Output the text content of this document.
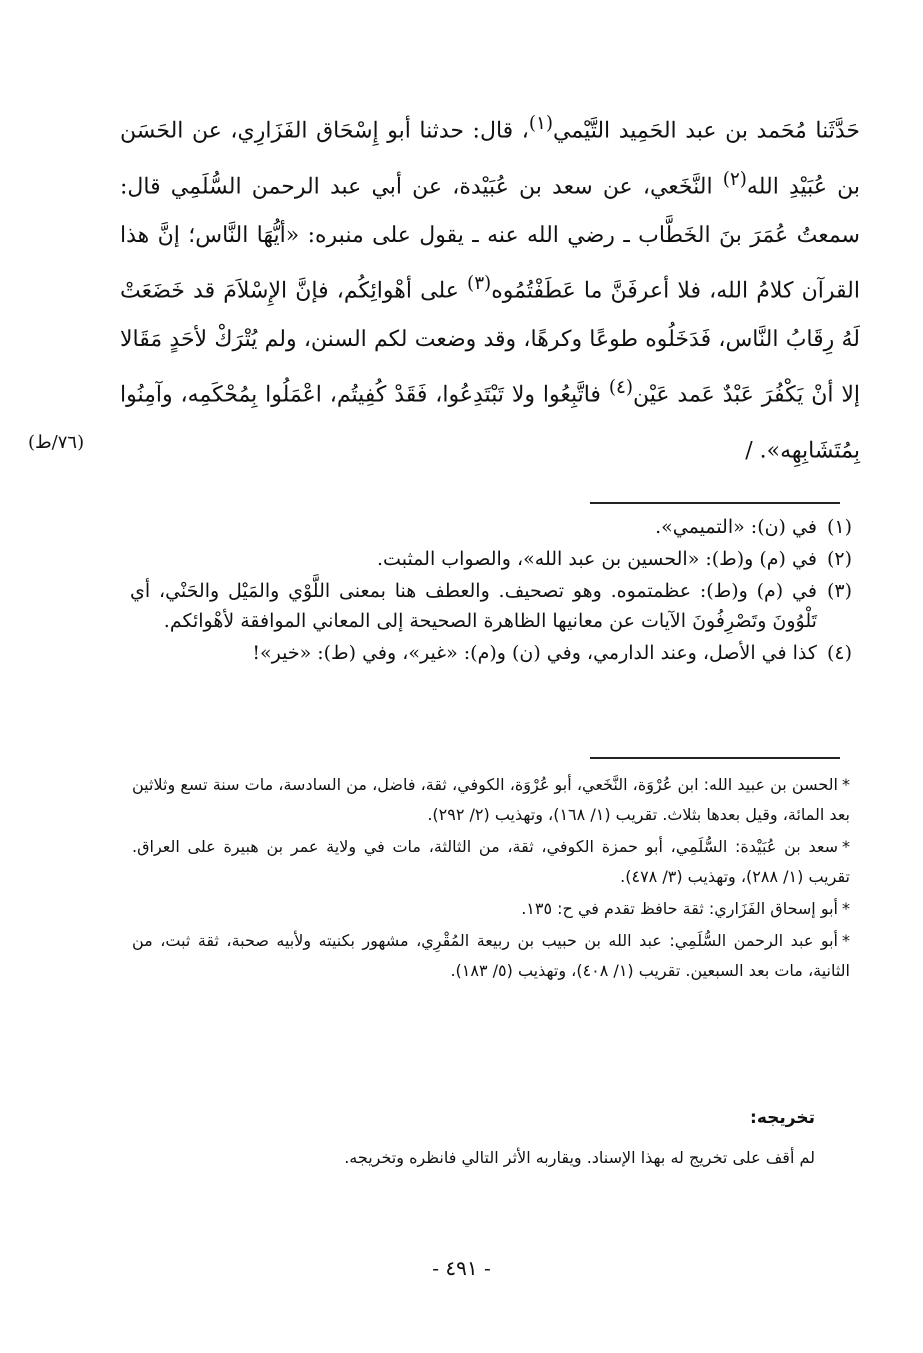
حَدَّثَنا مُحَمد بن عبد الحَمِيد التَّيْمي$^{(١)}$، قال: حدثنا أبو إِسْحَاق الفَزَارِي، عن الحَسَن بن عُبَيْدِ الله$^{(٢)}$ النَّخَعي، عن سعد بن عُبَيْدة، عن أبي عبد الرحمن السُّلَمِي قال: سمعتُ عُمَرَ بنَ الخَطَّاب ـ رضي الله عنه ـ يقول على منبره: «أيُّهَا النَّاس؛ إنَّ هذا القرآن كلامُ الله، فلا أعرفَنَّ ما عَطَفْتُمُوه$^{(٣)}$ على أهْوائِكُم، فإنَّ الإِسْلاَمَ قد خَضَعَتْ لَهُ رِقَابُ النَّاس، فَدَخَلُوه طوعًا وكرهًا، وقد وضعت لكم السنن، ولم يُتْرَكْ لأحَدٍ مَقَالا إلا أنْ يَكْفُرَ عَبْدٌ عَمد عَيْن$^{(٤)}$ فاتَّبِعُوا ولا تَبْتَدِعُوا، فَقَدْ كُفِيتُم، اعْمَلُوا بِمُحْكَمِه، وآمِنُوا بِمُتَشَابِهِه». /

(٧٦/ط)
(١)
في (ن): «التميمي».
(٢)
في (م) و(ط): «الحسين بن عبد الله»، والصواب المثبت.
(٣)
في (م) و(ط): عظمتموه. وهو تصحيف. والعطف هنا بمعنى اللَّوْي والمَيْل والحَنْي، أي تَلْوُونَ وتَصْرِفُونَ الآيات عن معانيها الظاهرة الصحيحة إلى المعاني الموافقة لأهْوائكم.
(٤)
كذا في الأصل، وعند الدارمي، وفي (ن) و(م): «غير»، وفي (ط): «خير»!

*الحسن بن عبيد الله: ابن عُرْوَة، النَّخَعي، أبو عُرْوَة، الكوفي، ثقة، فاضل، من السادسة، مات سنة تسع وثلاثين بعد المائة، وقيل بعدها بثلاث. تقريب (١/ ١٦٨)، وتهذيب (٢/ ٢٩٢).

*سعد بن عُبَيْدة: السُّلَمِي، أبو حمزة الكوفي، ثقة، من الثالثة، مات في ولاية عمر بن هبيرة على العراق. تقريب (١/ ٢٨٨)، وتهذيب (٣/ ٤٧٨).

*أبو إسحاق الفَزَاري: ثقة حافظ تقدم في ح: ١٣٥.

*أبو عبد الرحمن السُّلَمِي: عبد الله بن حبيب بن ربيعة المُقْرِي، مشهور بكنيته ولأبيه صحبة، ثقة ثبت، من الثانية، مات بعد السبعين. تقريب (١/ ٤٠٨)، وتهذيب (٥/ ١٨٣).

تخريجه:
لم أقف على تخريج له بهذا الإسناد. ويقاربه الأثر التالي فانظره وتخريجه.
- ٤٩١ -
